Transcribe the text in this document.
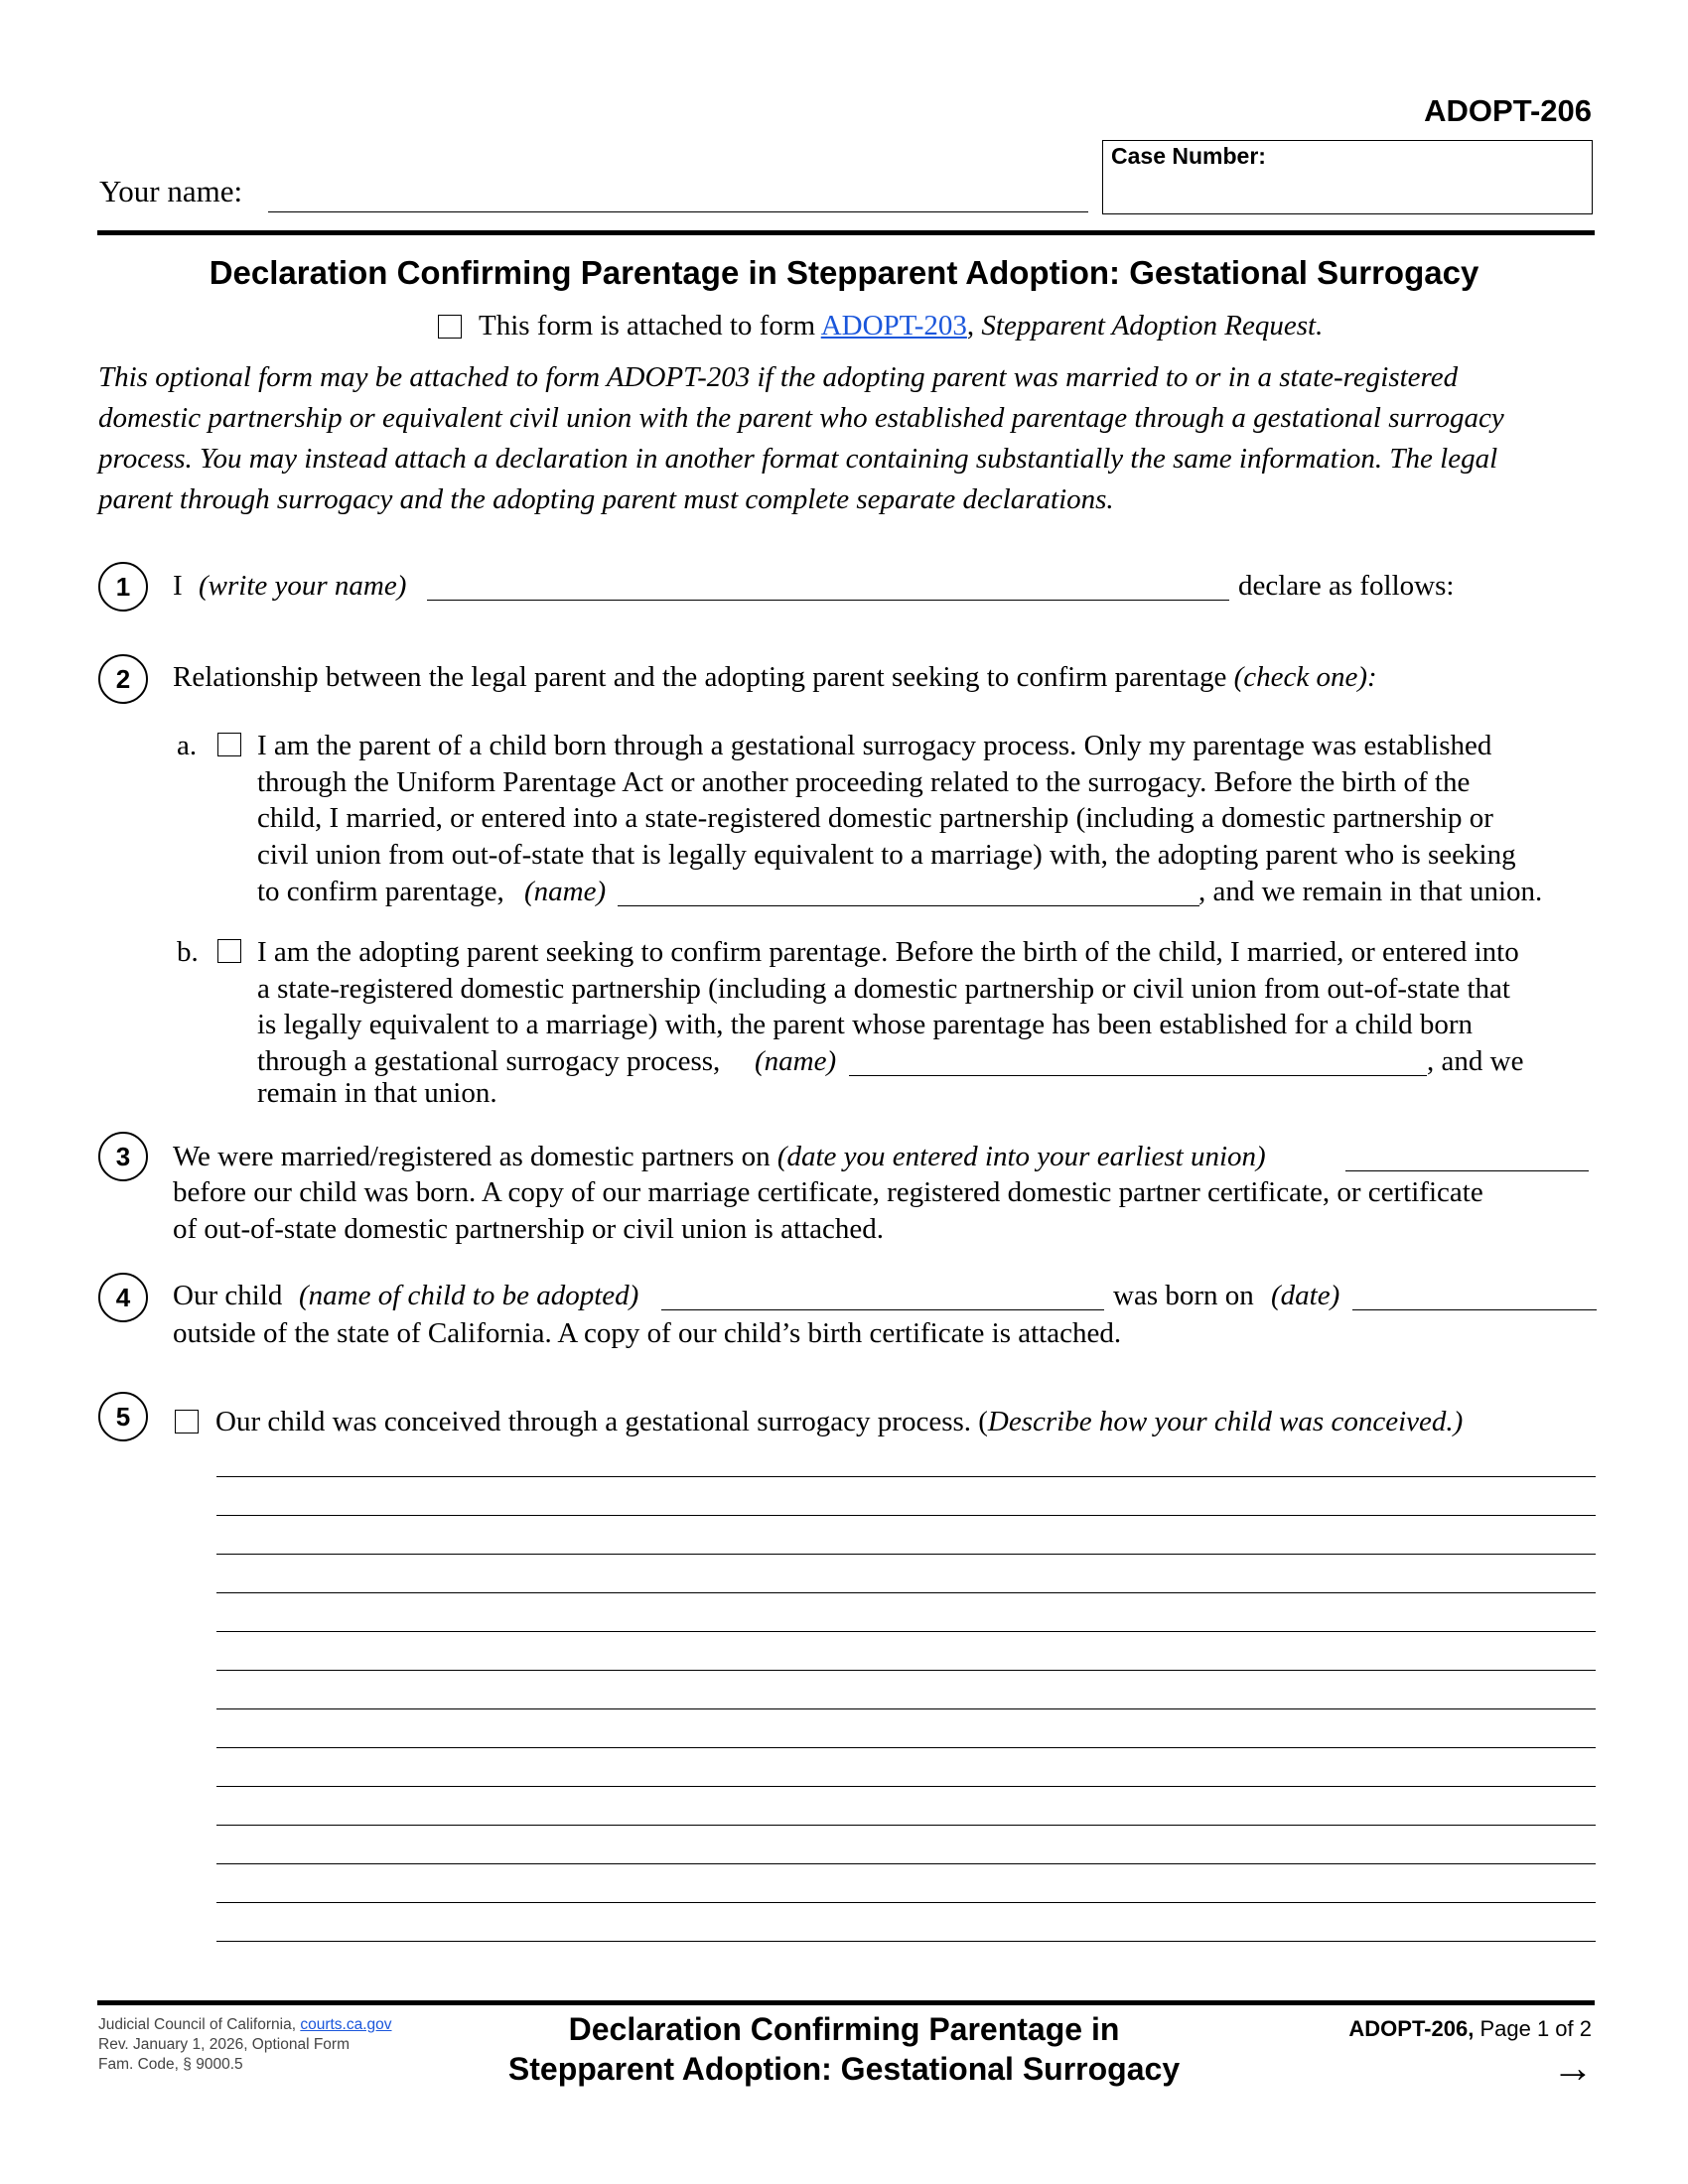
ADOPT-206
Your name:
Case Number:
Declaration Confirming Parentage in Stepparent Adoption: Gestational Surrogacy
This form is attached to form ADOPT-203, Stepparent Adoption Request.
This optional form may be attached to form ADOPT-203 if the adopting parent was married to or in a state-registered
domestic partnership or equivalent civil union with the parent who established parentage through a gestational surrogacy
process. You may instead attach a declaration in another format containing substantially the same information. The legal
parent through surrogacy and the adopting parent must complete separate declarations.
1	I (write your name)	declare as follows:
2	Relationship between the legal parent and the adopting parent seeking to confirm parentage (check one):
a. I am the parent of a child born through a gestational surrogacy process. Only my parentage was established
through the Uniform Parentage Act or another proceeding related to the surrogacy. Before the birth of the
child, I married, or entered into a state-registered domestic partnership (including a domestic partnership or
civil union from out-of-state that is legally equivalent to a marriage) with, the adopting parent who is seeking
to confirm parentage, (name)	, and we remain in that union.
b. I am the adopting parent seeking to confirm parentage. Before the birth of the child, I married, or entered into
a state-registered domestic partnership (including a domestic partnership or civil union from out-of-state that
is legally equivalent to a marriage) with, the parent whose parentage has been established for a child born
through a gestational surrogacy process, (name)	, and we
remain in that union.
3	We were married/registered as domestic partners on (date you entered into your earliest union)
before our child was born. A copy of our marriage certificate, registered domestic partner certificate, or certificate
of out-of-state domestic partnership or civil union is attached.
4	Our child (name of child to be adopted)	was born on (date)
outside of the state of California. A copy of our child’s birth certificate is attached.
5	Our child was conceived through a gestational surrogacy process. (Describe how your child was conceived.)
Judicial Council of California, courts.ca.gov
Rev. January 1, 2026, Optional Form
Fam. Code, § 9000.5
Declaration Confirming Parentage in
Stepparent Adoption: Gestational Surrogacy
ADOPT-206, Page 1 of 2
→
